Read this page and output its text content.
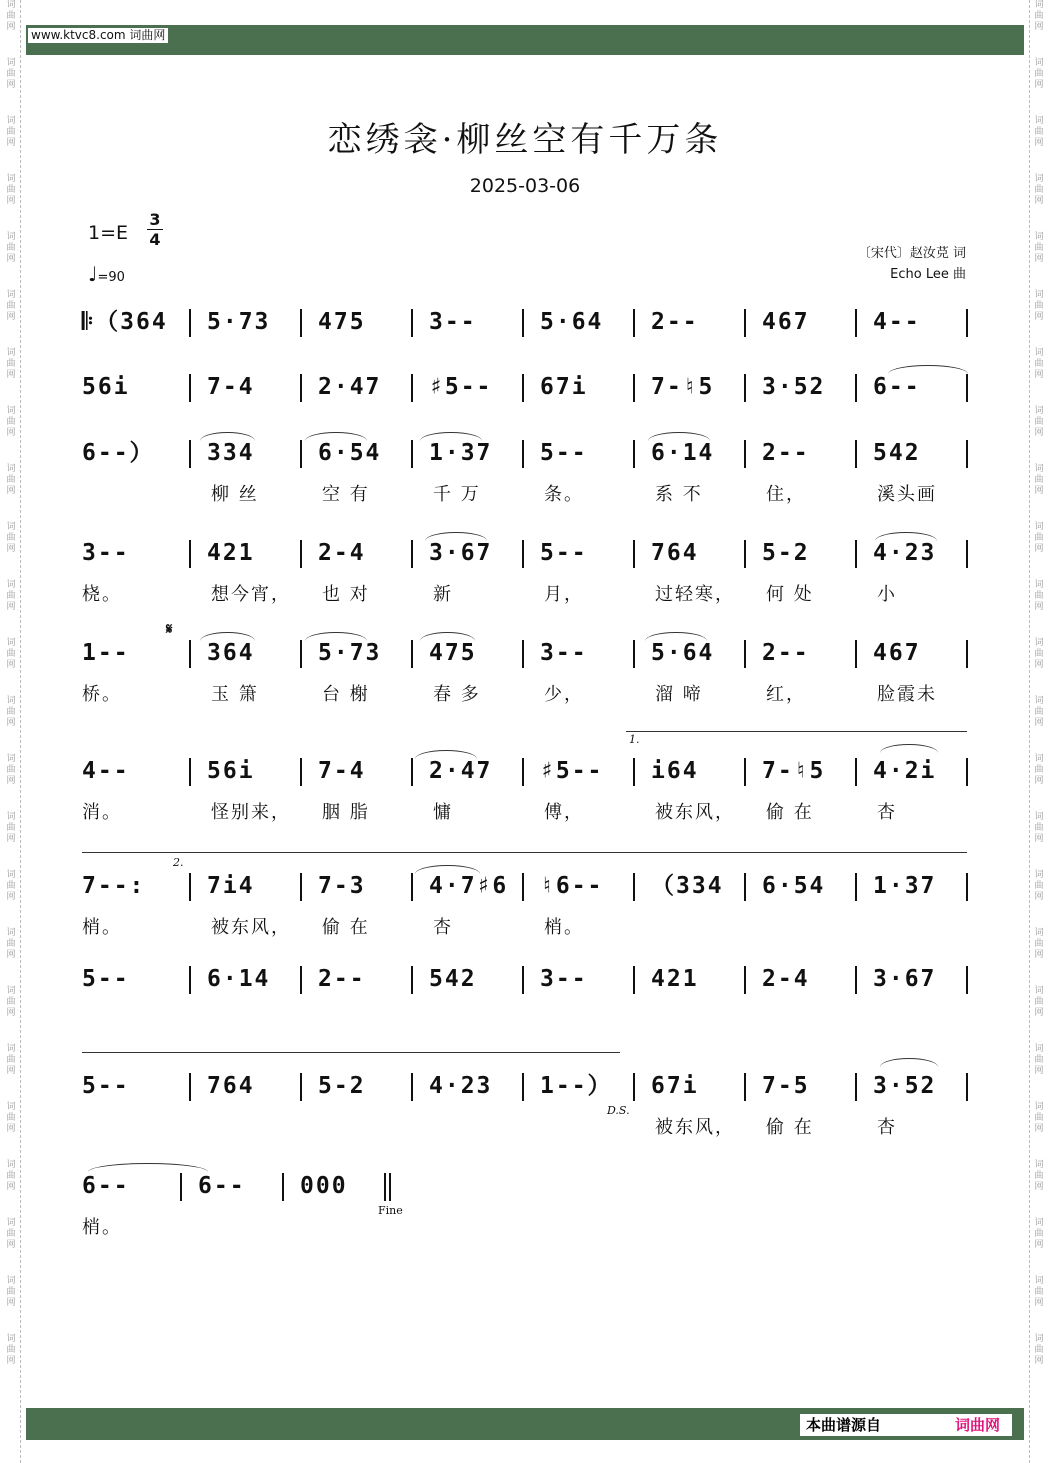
词曲网
词曲网
词曲网
词曲网
词曲网
词曲网
词曲网
词曲网
词曲网
词曲网
词曲网
词曲网
词曲网
词曲网
词曲网
词曲网
词曲网
词曲网
词曲网
词曲网
词曲网
词曲网
词曲网
词曲网
词曲网
词曲网
词曲网
词曲网
词曲网
词曲网
词曲网
词曲网
词曲网
词曲网
词曲网
词曲网
词曲网
词曲网
词曲网
词曲网
词曲网
词曲网
词曲网
词曲网
词曲网
词曲网
词曲网
词曲网
www.ktvc8.com 词曲网
恋绣衾·柳丝空有千万条
2025-03-06
1=E
3
4
♩=90
〔宋代〕赵汝莌 词
Echo Lee 曲
𝄆（364 5·73 475	3--	5·64 2--	467	4--
56i	7-4	2·47 ♯5-- 67i	7-♮5 3·52 6--
6--） 334	6·54 1·37 5--	6·14 2--	542
柳 丝	空 有	千 万	条。	系 不	住，	溪头画
3--	421	2-4	3·67 5--	764	5-2	4·23
桡。	想今宵， 也 对	新	月，	过轻寒， 何 处	小
1--	364	5·73 475	3--	5·64 2--	467
桥。	玉 箫	台 榭	春 多	少，	溜 啼	红，	脸霞未
4--	56i	7-4	2·47 ♯5-- i64	7-♮5 4·2i
消。	怪别来， 胭 脂	慵	傅，	被东风， 偷 在	杏
7--:	7i4	7-3	4·7♯6 ♮6-- （334 6·54 1·37
梢。	被东风， 偷 在	杏	梢。
5--	6·14 2--	542	3--	421	2-4	3·67
5--	764	5-2	4·23 1--） 67i	7-5	3·52
被东风， 偷 在	杏
6--	6-- 000
梢。
1.
2.
D.S.
Fine
𝄋
本曲谱源自	词曲网
